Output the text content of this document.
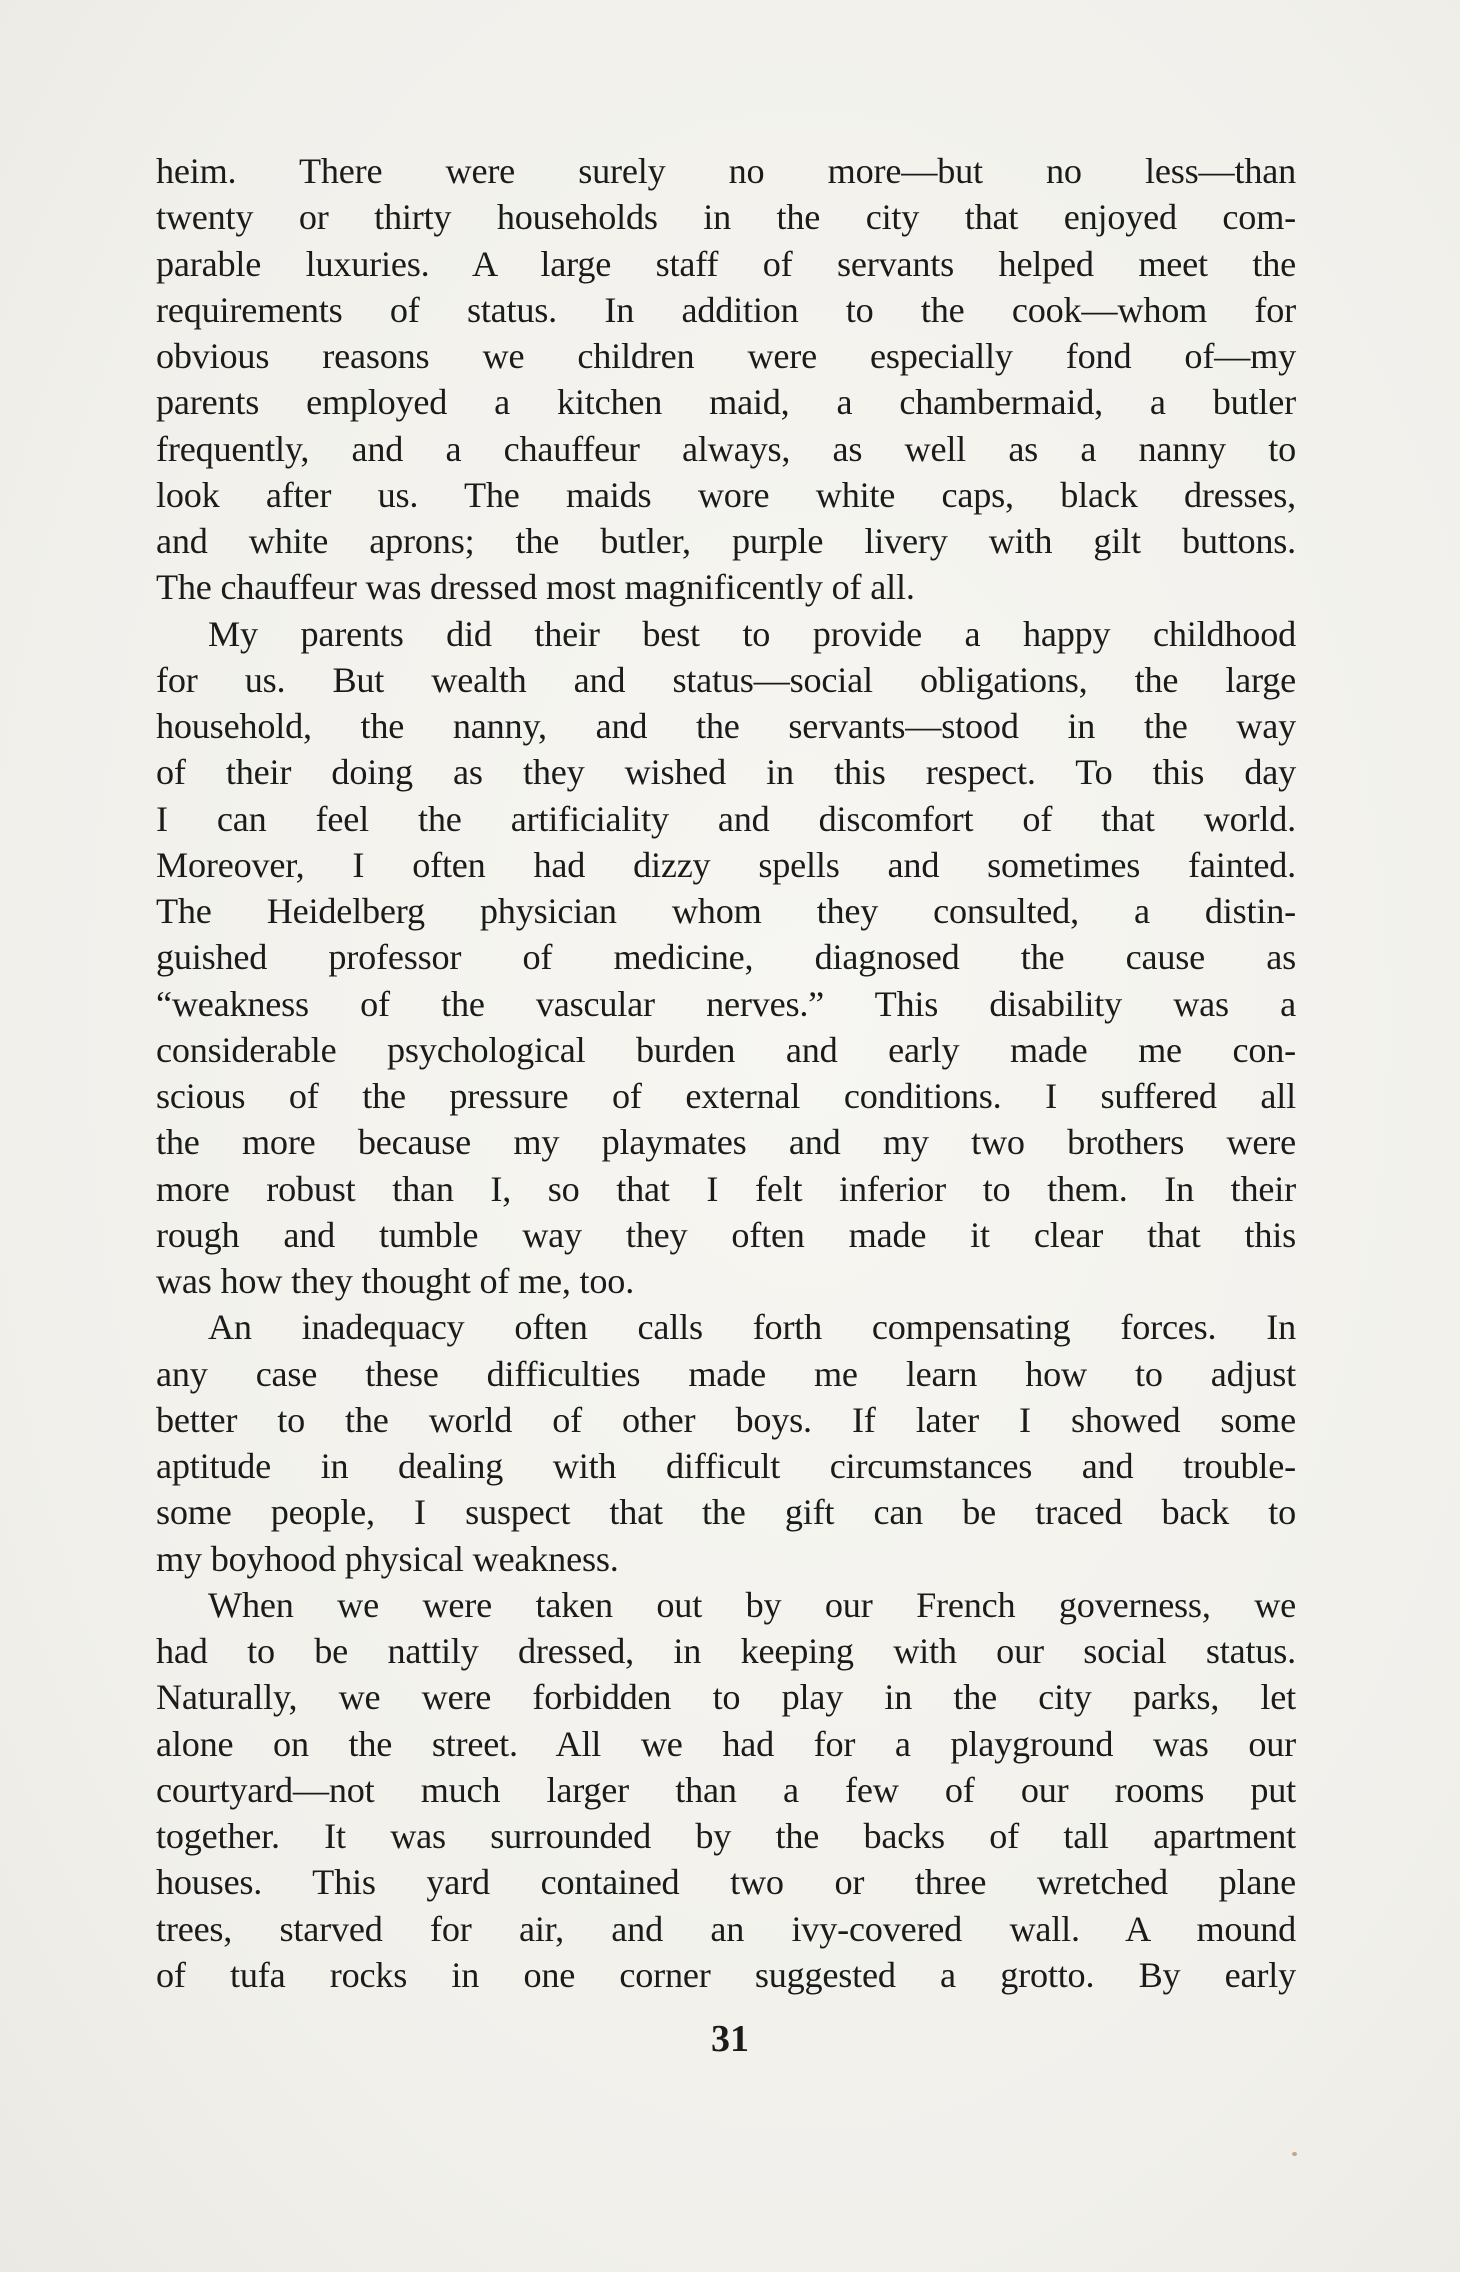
heim. There were surely no more—but no less—than
twenty or thirty households in the city that enjoyed com-
parable luxuries. A large staff of servants helped meet the
requirements of status. In addition to the cook—whom for
obvious reasons we children were especially fond of—my
parents employed a kitchen maid, a chambermaid, a butler
frequently, and a chauffeur always, as well as a nanny to
look after us. The maids wore white caps, black dresses,
and white aprons; the butler, purple livery with gilt buttons.
The chauffeur was dressed most magnificently of all.
My parents did their best to provide a happy childhood
for us. But wealth and status—social obligations, the large
household, the nanny, and the servants—stood in the way
of their doing as they wished in this respect. To this day
I can feel the artificiality and discomfort of that world.
Moreover, I often had dizzy spells and sometimes fainted.
The Heidelberg physician whom they consulted, a distin-
guished professor of medicine, diagnosed the cause as
“weakness of the vascular nerves.” This disability was a
considerable psychological burden and early made me con-
scious of the pressure of external conditions. I suffered all
the more because my playmates and my two brothers were
more robust than I, so that I felt inferior to them. In their
rough and tumble way they often made it clear that this
was how they thought of me, too.
An inadequacy often calls forth compensating forces. In
any case these difficulties made me learn how to adjust
better to the world of other boys. If later I showed some
aptitude in dealing with difficult circumstances and trouble-
some people, I suspect that the gift can be traced back to
my boyhood physical weakness.
When we were taken out by our French governess, we
had to be nattily dressed, in keeping with our social status.
Naturally, we were forbidden to play in the city parks, let
alone on the street. All we had for a playground was our
courtyard—not much larger than a few of our rooms put
together. It was surrounded by the backs of tall apartment
houses. This yard contained two or three wretched plane
trees, starved for air, and an ivy-covered wall. A mound
of tufa rocks in one corner suggested a grotto. By early
31
